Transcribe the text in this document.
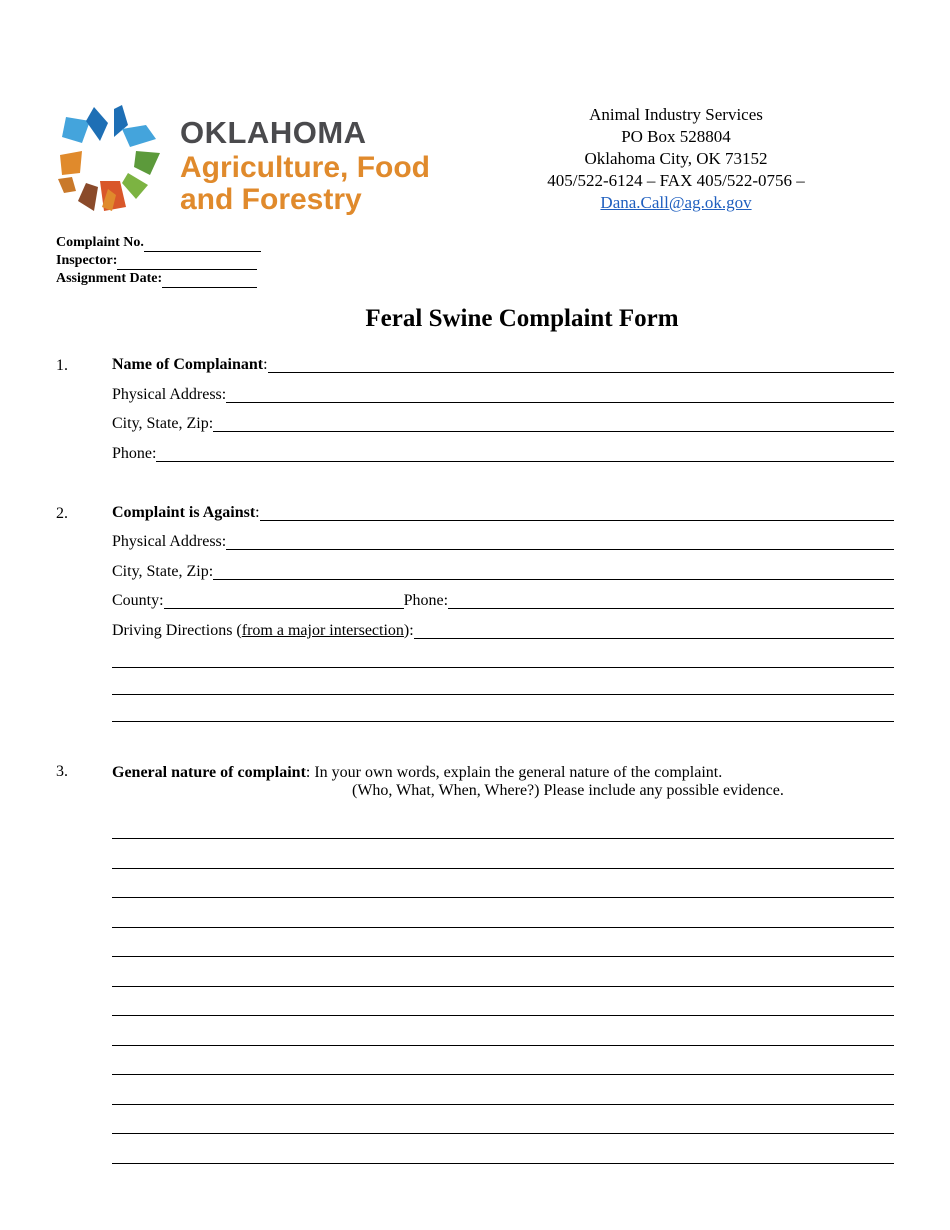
OKLAHOMA
Agriculture, Food
and Forestry
Animal Industry Services
PO Box 528804
Oklahoma City, OK 73152
405/522-6124 – FAX 405/522-0756 –
Dana.Call@ag.ok.gov
Complaint No.
Inspector:
Assignment Date:
Feral Swine Complaint Form
1.	Name of Complainant:
Physical Address:
City, State, Zip:
Phone:
2.	Complaint is Against:
Physical Address:
City, State, Zip:
County:	Phone:
Driving Directions (from a major intersection):
3.	General nature of complaint: In your own words, explain the general nature of the complaint.
(Who, What, When, Where?) Please include any possible evidence.
